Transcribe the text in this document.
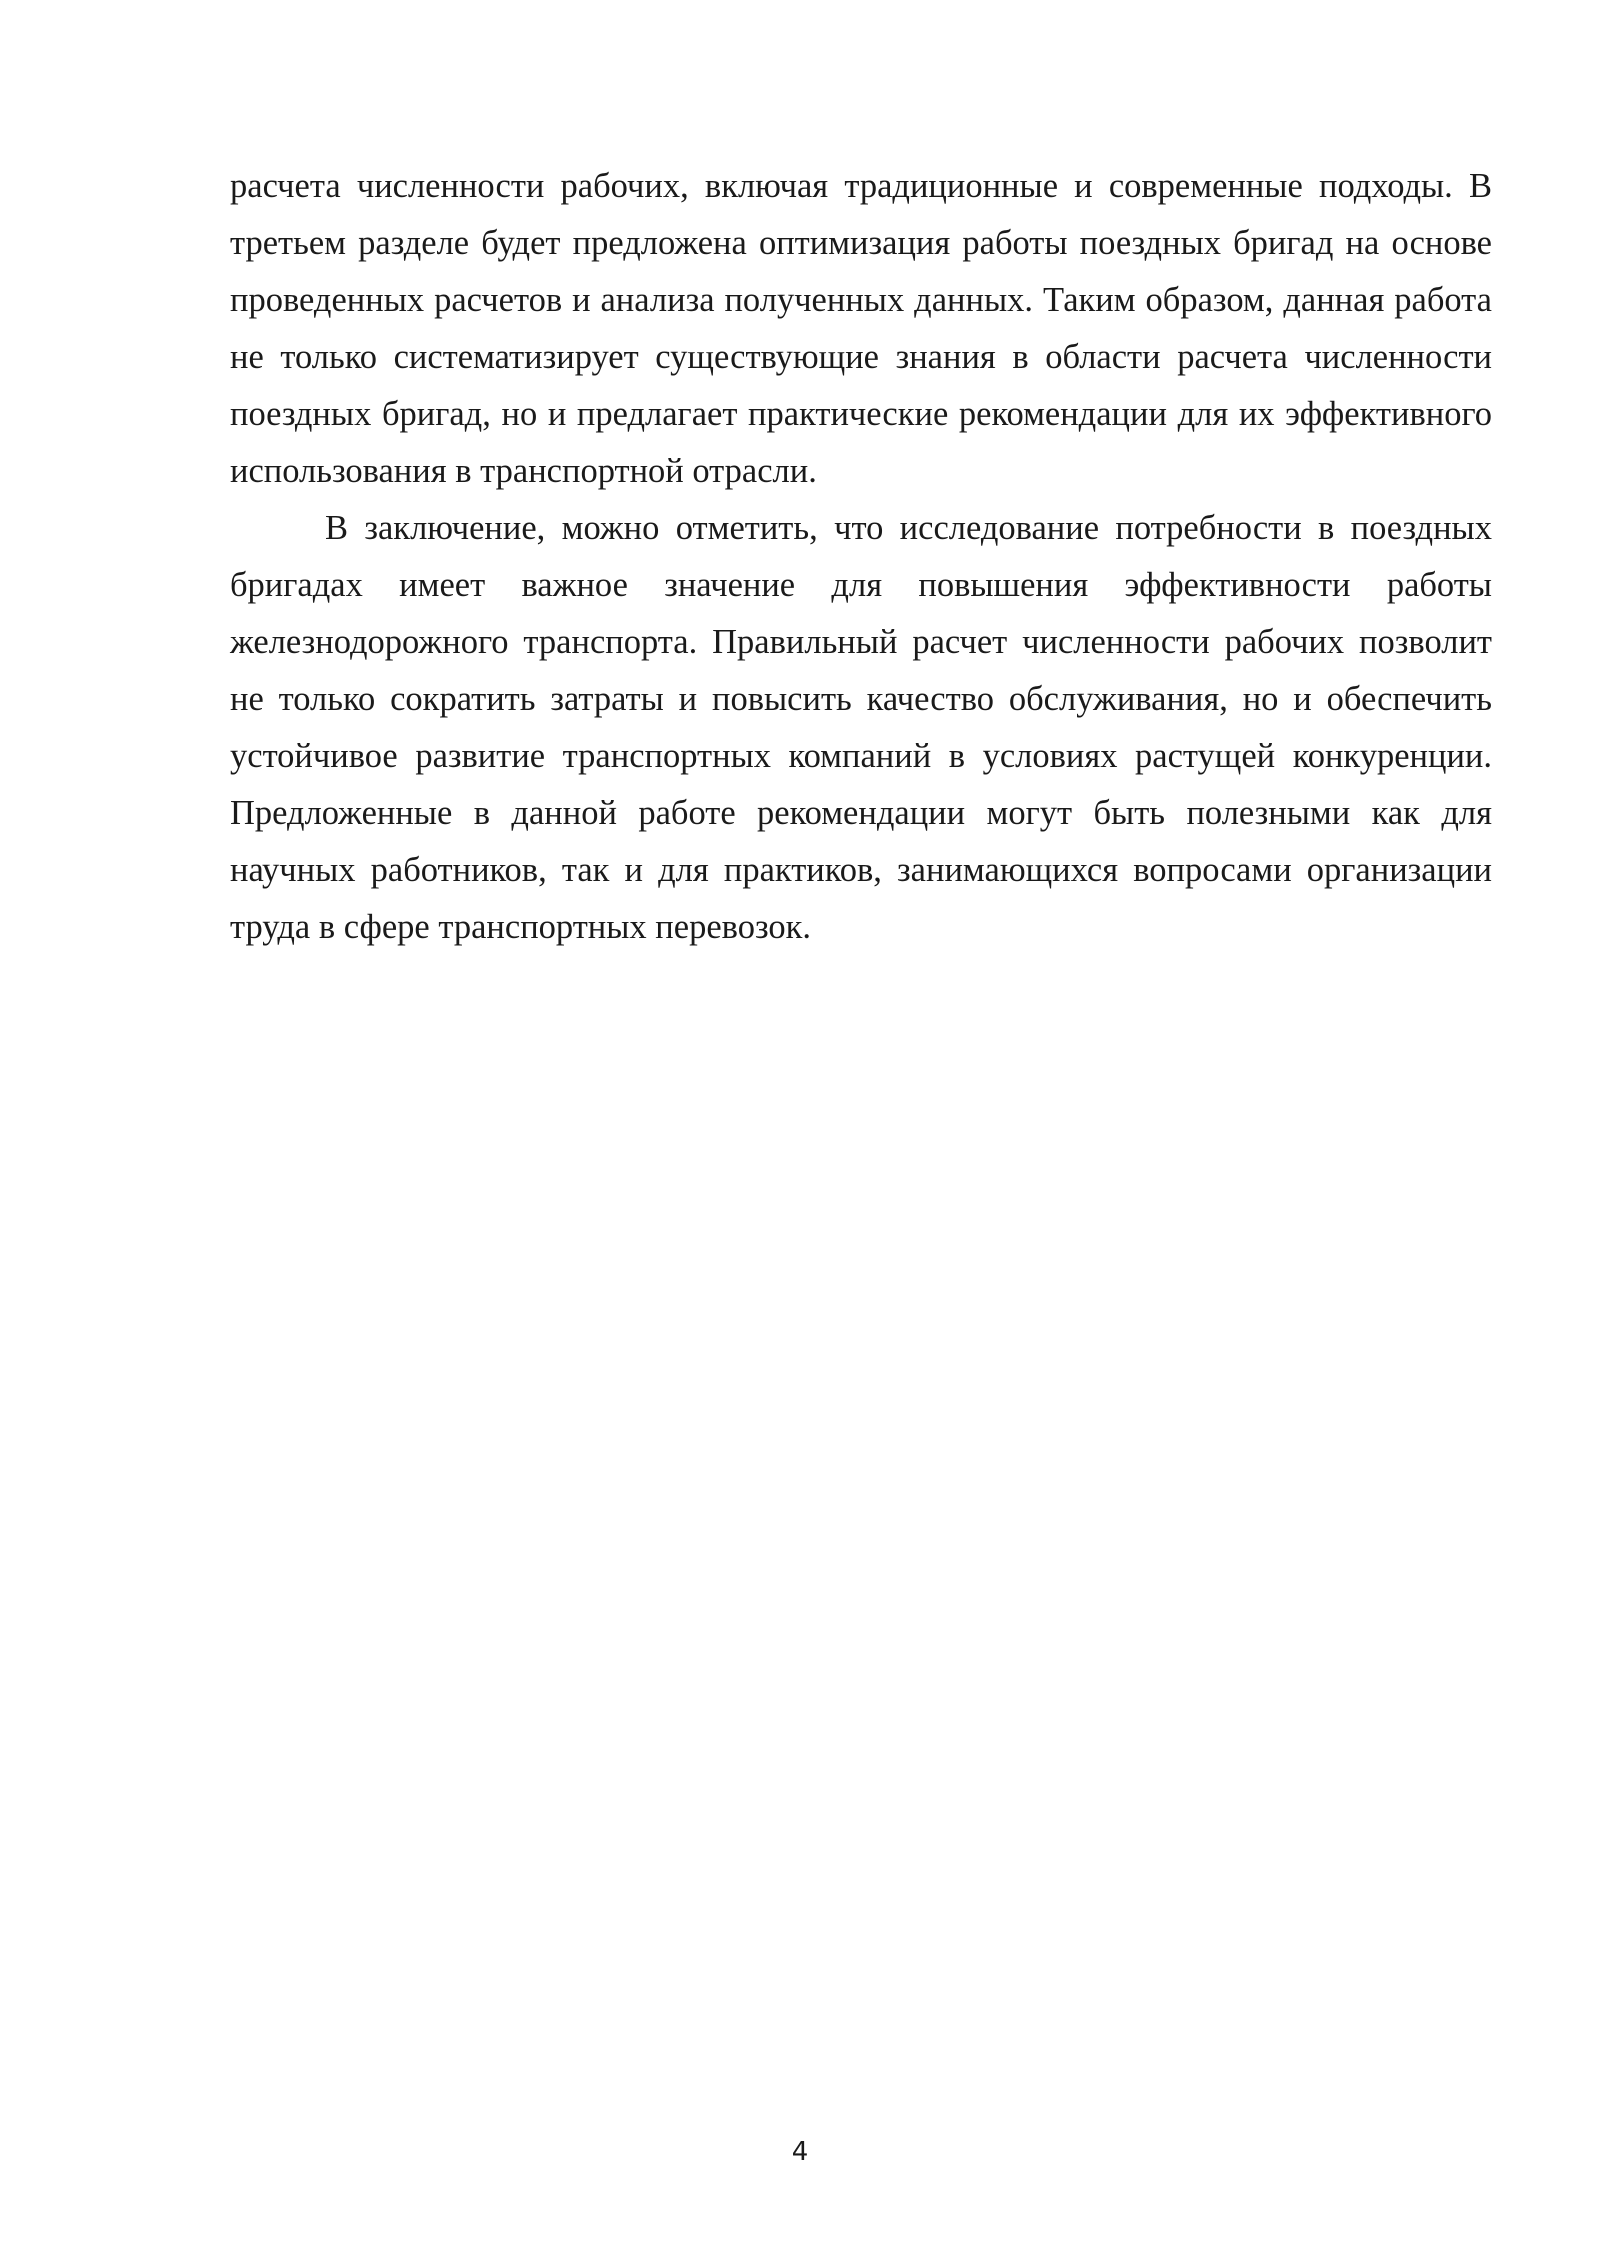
расчета численности рабочих, включая традиционные и современные подходы. В третьем разделе будет предложена оптимизация работы поездных бригад на основе проведенных расчетов и анализа полученных данных. Таким образом, данная работа не только систематизирует существующие знания в области расчета численности поездных бригад, но и предлагает практические рекомендации для их эффективного использования в транспортной отрасли.

В заключение, можно отметить, что исследование потребности в поездных бригадах имеет важное значение для повышения эффективности работы железнодорожного транспорта. Правильный расчет численности рабочих позволит не только сократить затраты и повысить качество обслуживания, но и обеспечить устойчивое развитие транспортных компаний в условиях растущей конкуренции. Предложенные в данной работе рекомендации могут быть полезными как для научных работников, так и для практиков, занимающихся вопросами организации труда в сфере транспортных перевозок.

4
